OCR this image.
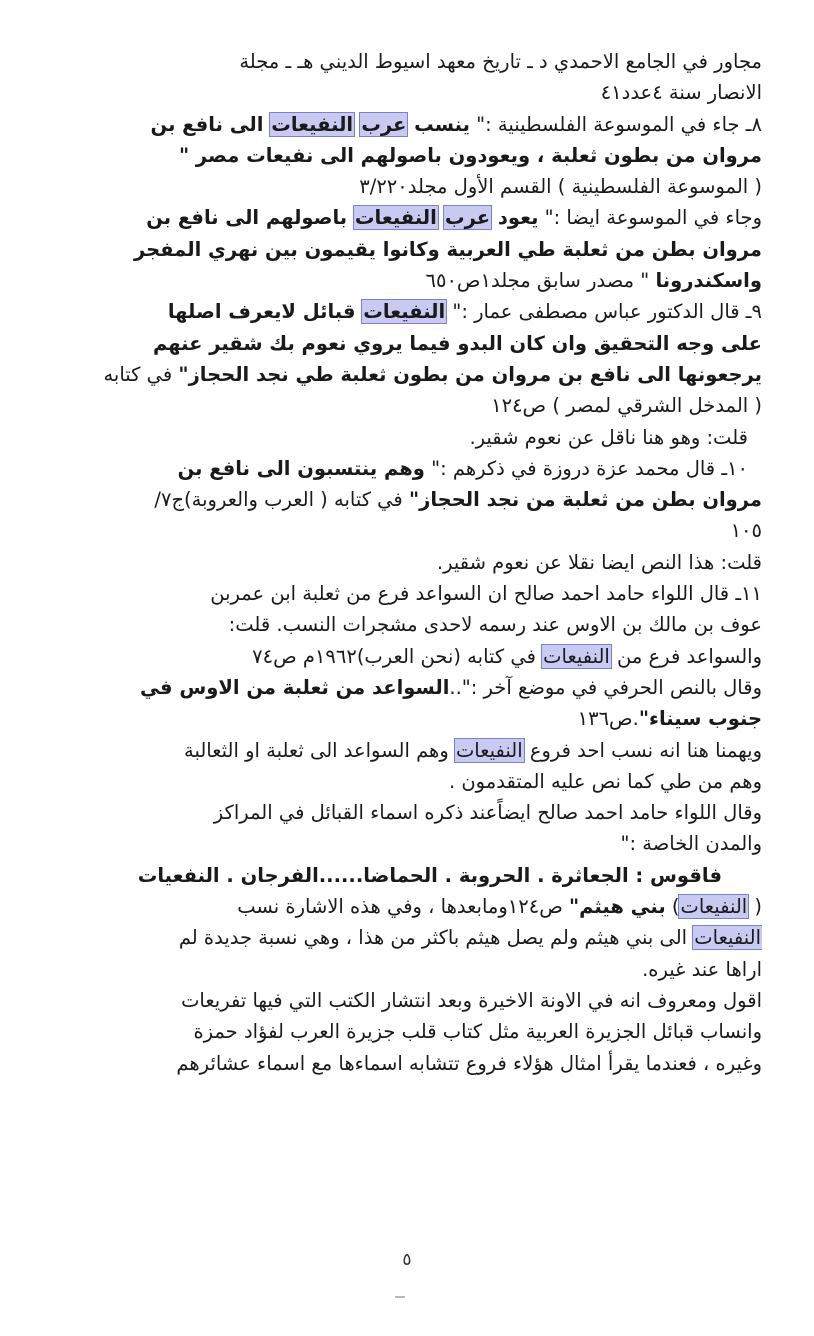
مجاور في الجامع الاحمدي د ـ تاريخ معهد اسيوط الديني هـ ـ مجلة
الانصار سنة ٤عدد٤١
٨ـ جاء في الموسوعة الفلسطينية :" ينسب عرب النفيعات الى نافع بن
مروان من بطون ثعلبة ، ويعودون باصولهم الى نفيعات مصر "
( الموسوعة الفلسطينية ) القسم الأول مجلد٣/٢٢٠
وجاء في الموسوعة ايضا :" يعود عرب النفيعات باصولهم الى نافع بن
مروان بطن من ثعلبة طي العربية وكانوا يقيمون بين نهري المفجر
واسكندرونا " مصدر سابق مجلد١ص٦٥٠
٩ـ قال الدكتور عباس مصطفى عمار :" النفيعات قبائل لايعرف اصلها
على وجه التحقيق وان كان البدو فيما يروي نعوم بك شقير عنهم
يرجعونها الى نافع بن مروان من بطون ثعلبة طي نجد الحجاز" في كتابه
( المدخل الشرقي لمصر ) ص١٢٤
قلت: وهو هنا ناقل عن نعوم شقير.
١٠ـ قال محمد عزة دروزة في ذكرهم :" وهم ينتسبون الى نافع بن
مروان بطن من ثعلبة من نجد الحجاز" في كتابه ( العرب والعروبة)ج٧/
١٠٥
قلت: هذا النص ايضا نقلا عن نعوم شقير.
١١ـ قال اللواء حامد احمد صالح ان السواعد فرع من ثعلبة ابن عمربن
عوف بن مالك بن الاوس عند رسمه لاحدى مشجرات النسب. قلت:
والسواعد فرع من النفيعات في كتابه (نحن العرب)١٩٦٢م ص٧٤
وقال بالنص الحرفي في موضع آخر :"..السواعد من ثعلبة من الاوس في
جنوب سيناء".ص١٣٦
ويهمنا هنا انه نسب احد فروع النفيعات وهم السواعد الى ثعلبة او الثعالبة
وهم من طي كما نص عليه المتقدمون .
وقال اللواء حامد احمد صالح ايضاًعند ذكره اسماء القبائل في المراكز
والمدن الخاصة :"
فاقوس : الجعاثرة . الحروبة . الحماضا......الفرجان . النفعيات
( النفيعات) بني هيثم" ص١٢٤ومابعدها ، وفي هذه الاشارة نسب
النفيعات الى بني هيثم ولم يصل هيثم باكثر من هذا ، وهي نسبة جديدة لم
اراها عند غيره.
اقول ومعروف انه في الاونة الاخيرة وبعد انتشار الكتب التي فيها تفريعات
وانساب قبائل الجزيرة العربية مثل كتاب قلب جزيرة العرب لفؤاد حمزة
وغيره ، فعندما يقرأ امثال هؤلاء فروع تتشابه اسماءها مع اسماء عشائرهم
٥
